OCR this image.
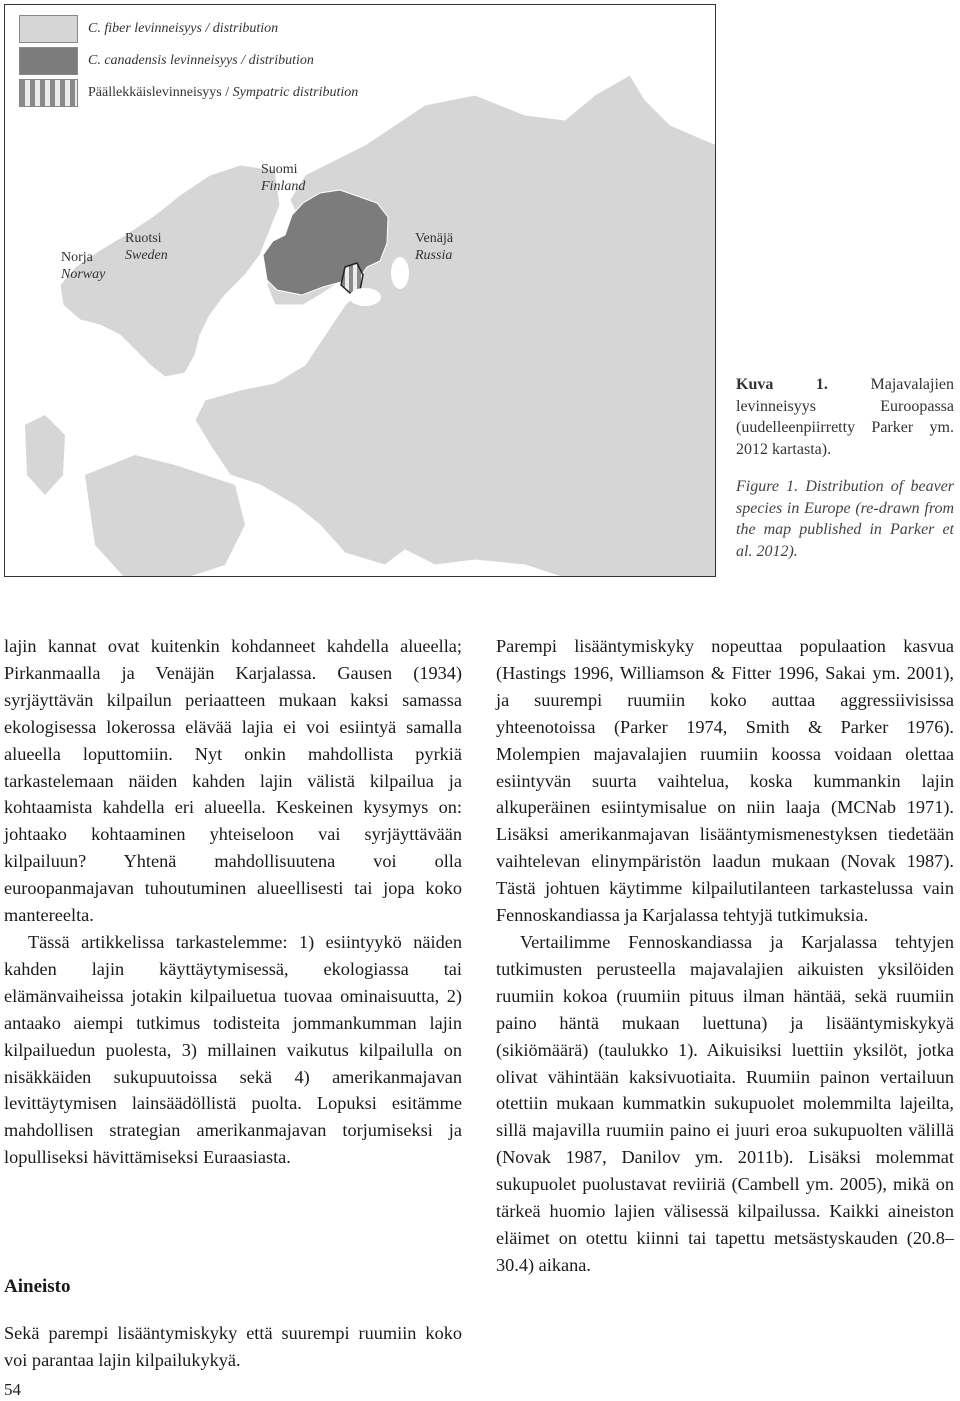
C. fiber levinneisyys / distribution
C. canadensis levinneisyys / distribution
Päällekkäislevinneisyys / Sympatric distribution
Suomi
Finland
Ruotsi
Sweden
Norja
Norway
Venäjä
Russia
Kuva 1.	Majavalajien levinneisyys Euroopassa (uudelleenpiirretty Parker ym. 2012 kartasta).
Figure 1. Distribution of beaver species in Europe (re-drawn from the map published in Parker et al. 2012).

lajin kannat ovat kuitenkin kohdanneet kahdella alueella; Pirkanmaalla ja Venäjän Karjalassa. Gausen (1934) syrjäyttävän kilpailun periaatteen mukaan kaksi samassa ekologisessa lokerossa elävää lajia ei voi esiintyä samalla alueella loputtomiin. Nyt onkin mahdollista pyrkiä tarkastelemaan näiden kahden lajin välistä kilpailua ja kohtaamista kahdella eri alueella. Keskeinen kysymys on: johtaako kohtaaminen yhteiseloon vai syrjäyttävään kilpailuun? Yhtenä mahdollisuutena voi olla euroopanmajavan tuhoutuminen alueellisesti tai jopa koko mantereelta.

Tässä artikkelissa tarkastelemme: 1) esiintyykö näiden kahden lajin käyttäytymisessä, ekologiassa tai elämänvaiheissa jotakin kilpailuetua tuovaa ominaisuutta, 2) antaako aiempi tutkimus todisteita jommankumman lajin kilpailuedun puolesta, 3) millainen vaikutus kilpailulla on nisäkkäiden sukupuutoissa sekä 4) amerikanmajavan levittäytymisen lainsäädöllistä puolta. Lopuksi esitämme mahdollisen strategian amerikanmajavan torjumiseksi ja lopulliseksi hävittämiseksi Euraasiasta.

Aineisto
Sekä parempi lisääntymiskyky että suurempi ruumiin koko voi parantaa lajin kilpailukykyä.

Parempi lisääntymiskyky nopeuttaa populaation kasvua (Hastings 1996, Williamson & Fitter 1996, Sakai ym. 2001), ja suurempi ruumiin koko auttaa aggressiivisissa yhteenotoissa (Parker 1974, Smith & Parker 1976). Molempien majavalajien ruumiin koossa voidaan olettaa esiintyvän suurta vaihtelua, koska kummankin lajin alkuperäinen esiintymisalue on niin laaja (MCNab 1971). Lisäksi amerikanmajavan lisääntymismenestyksen tiedetään vaihtelevan elinympäristön laadun mukaan (Novak 1987). Tästä johtuen käytimme kilpailutilanteen tarkastelussa vain Fennoskandiassa ja Karjalassa tehtyjä tutkimuksia.

Vertailimme Fennoskandiassa ja Karjalassa tehtyjen tutkimusten perusteella majavalajien aikuisten yksilöiden ruumiin kokoa (ruumiin pituus ilman häntää, sekä ruumiin paino häntä mukaan luettuna) ja lisääntymiskykyä (sikiömäärä) (taulukko 1). Aikuisiksi luettiin yksilöt, jotka olivat vähintään kaksivuotiaita. Ruumiin painon vertailuun otettiin mukaan kummatkin sukupuolet molemmilta lajeilta, sillä majavilla ruumiin paino ei juuri eroa sukupuolten välillä (Novak 1987, Danilov ym. 2011b). Lisäksi molemmat sukupuolet puolustavat reviiriä (Cambell ym. 2005), mikä on tärkeä huomio lajien välisessä kilpailussa. Kaikki aineiston eläimet on otettu kiinni tai tapettu metsästyskauden (20.8–30.4) aikana.

54
